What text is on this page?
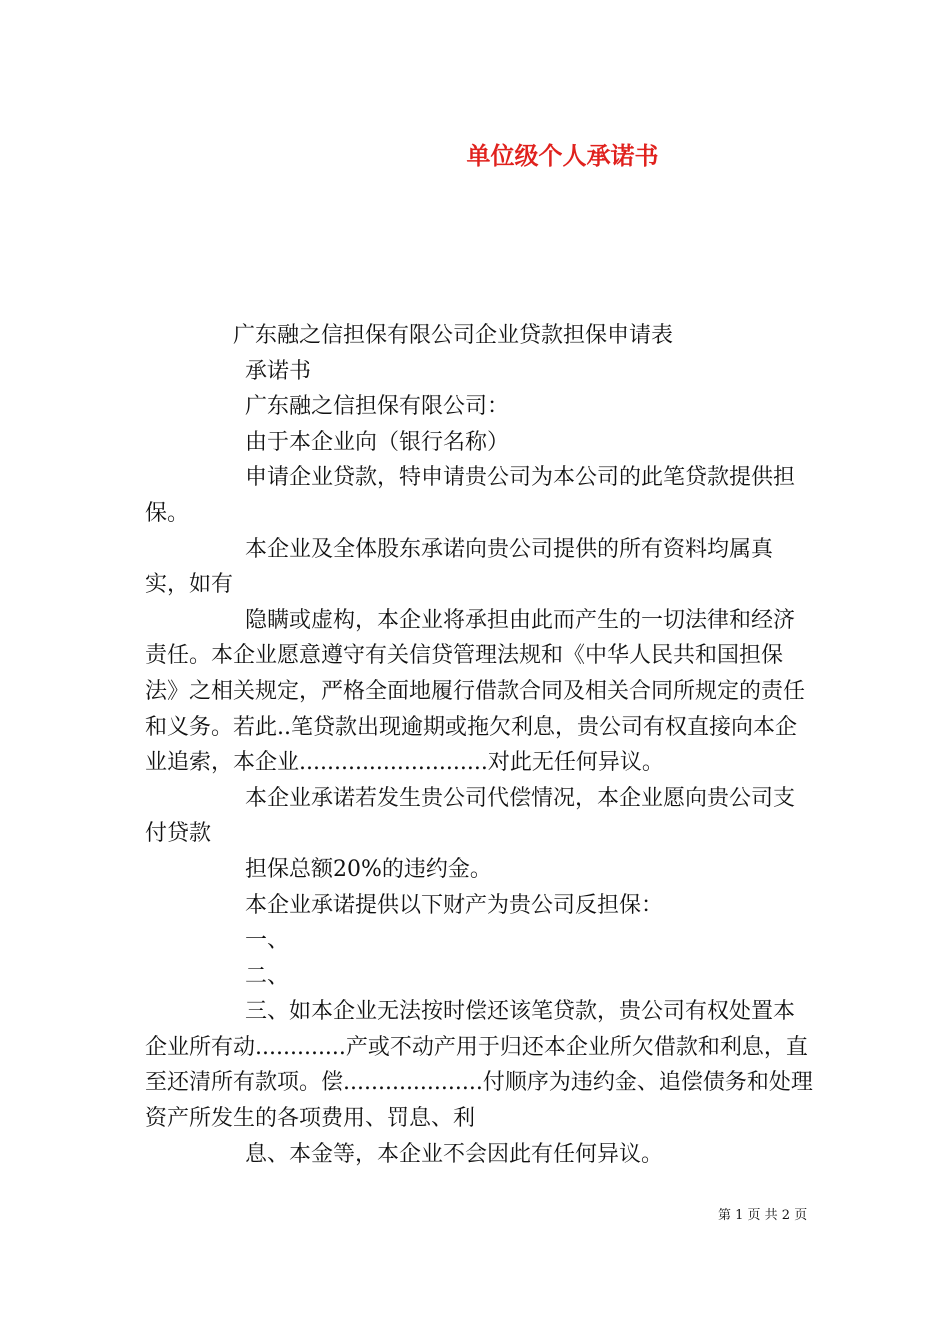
单位级个人承诺书

广东融之信担保有限公司企业贷款担保申请表

承诺书

广东融之信担保有限公司：

由于本企业向（银行名称）

申请企业贷款，特申请贵公司为本公司的此笔贷款提供担保。

本企业及全体股东承诺向贵公司提供的所有资料均属真实，如有

隐瞒或虚构，本企业将承担由此而产生的一切法律和经济责任。本企业愿意遵守有关信贷管理法规和《中华人民共和国担保法》之相关规定，严格全面地履行借款合同及相关合同所规定的责任和义务。若此..笔贷款出现逾期或拖欠利息，贵公司有权直接向本企业追索，本企业...........................对此无任何异议。

本企业承诺若发生贵公司代偿情况，本企业愿向贵公司支付贷款

担保总额20%的违约金。

本企业承诺提供以下财产为贵公司反担保：

一、

二、

三、如本企业无法按时偿还该笔贷款，贵公司有权处置本企业所有动.............产或不动产用于归还本企业所欠借款和利息，直至还清所有款项。偿....................付顺序为违约金、追偿债务和处理资产所发生的各项费用、罚息、利

息、本金等，本企业不会因此有任何异议。

第 1 页 共 2 页
